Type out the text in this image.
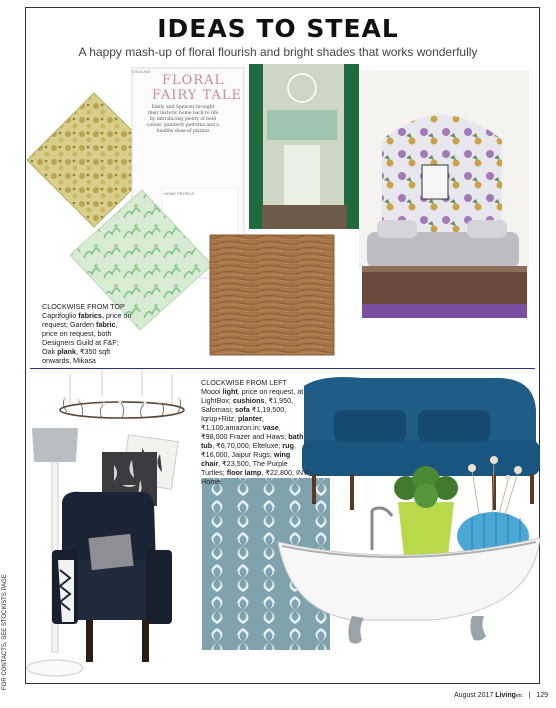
IDEAS TO STEAL
A happy mash-up of floral flourish and bright shades that works wonderfully
STEALING
FLORAL
FAIRY TALE
Emily and Spencer brought their historic home back to life by introducing plenty of bold colour, painterly patterns and a healthy dose of pizzazz
HOME PROFILE
CLOCKWISE FROM TOP
Caprifoglio fabrics, price on request; Garden fabric, price on request, both Designers Guild at F&F; Oak plank, ₹350 sqft onwards, Mikasa
CLOCKWISE FROM LEFT
Moooi light, price on request, at LightBox; cushions, ₹1,950, Safomasi; sofa ₹1,19,500, Iqrup+Ritz; planter, ₹1,100,amazon.in; vase, ₹98,000 Frazer and Haws; bath tub, ₹6,70,000, Elteluxe; rug, ₹16,000, Jaipur Rugs; wing chair, ₹23,500, The Purple Turtles; floor lamp, ₹22,800, INV Home.
FOR CONTACTS, SEE STOCKISTS PAGE
August 2017 Livingetc | 129
